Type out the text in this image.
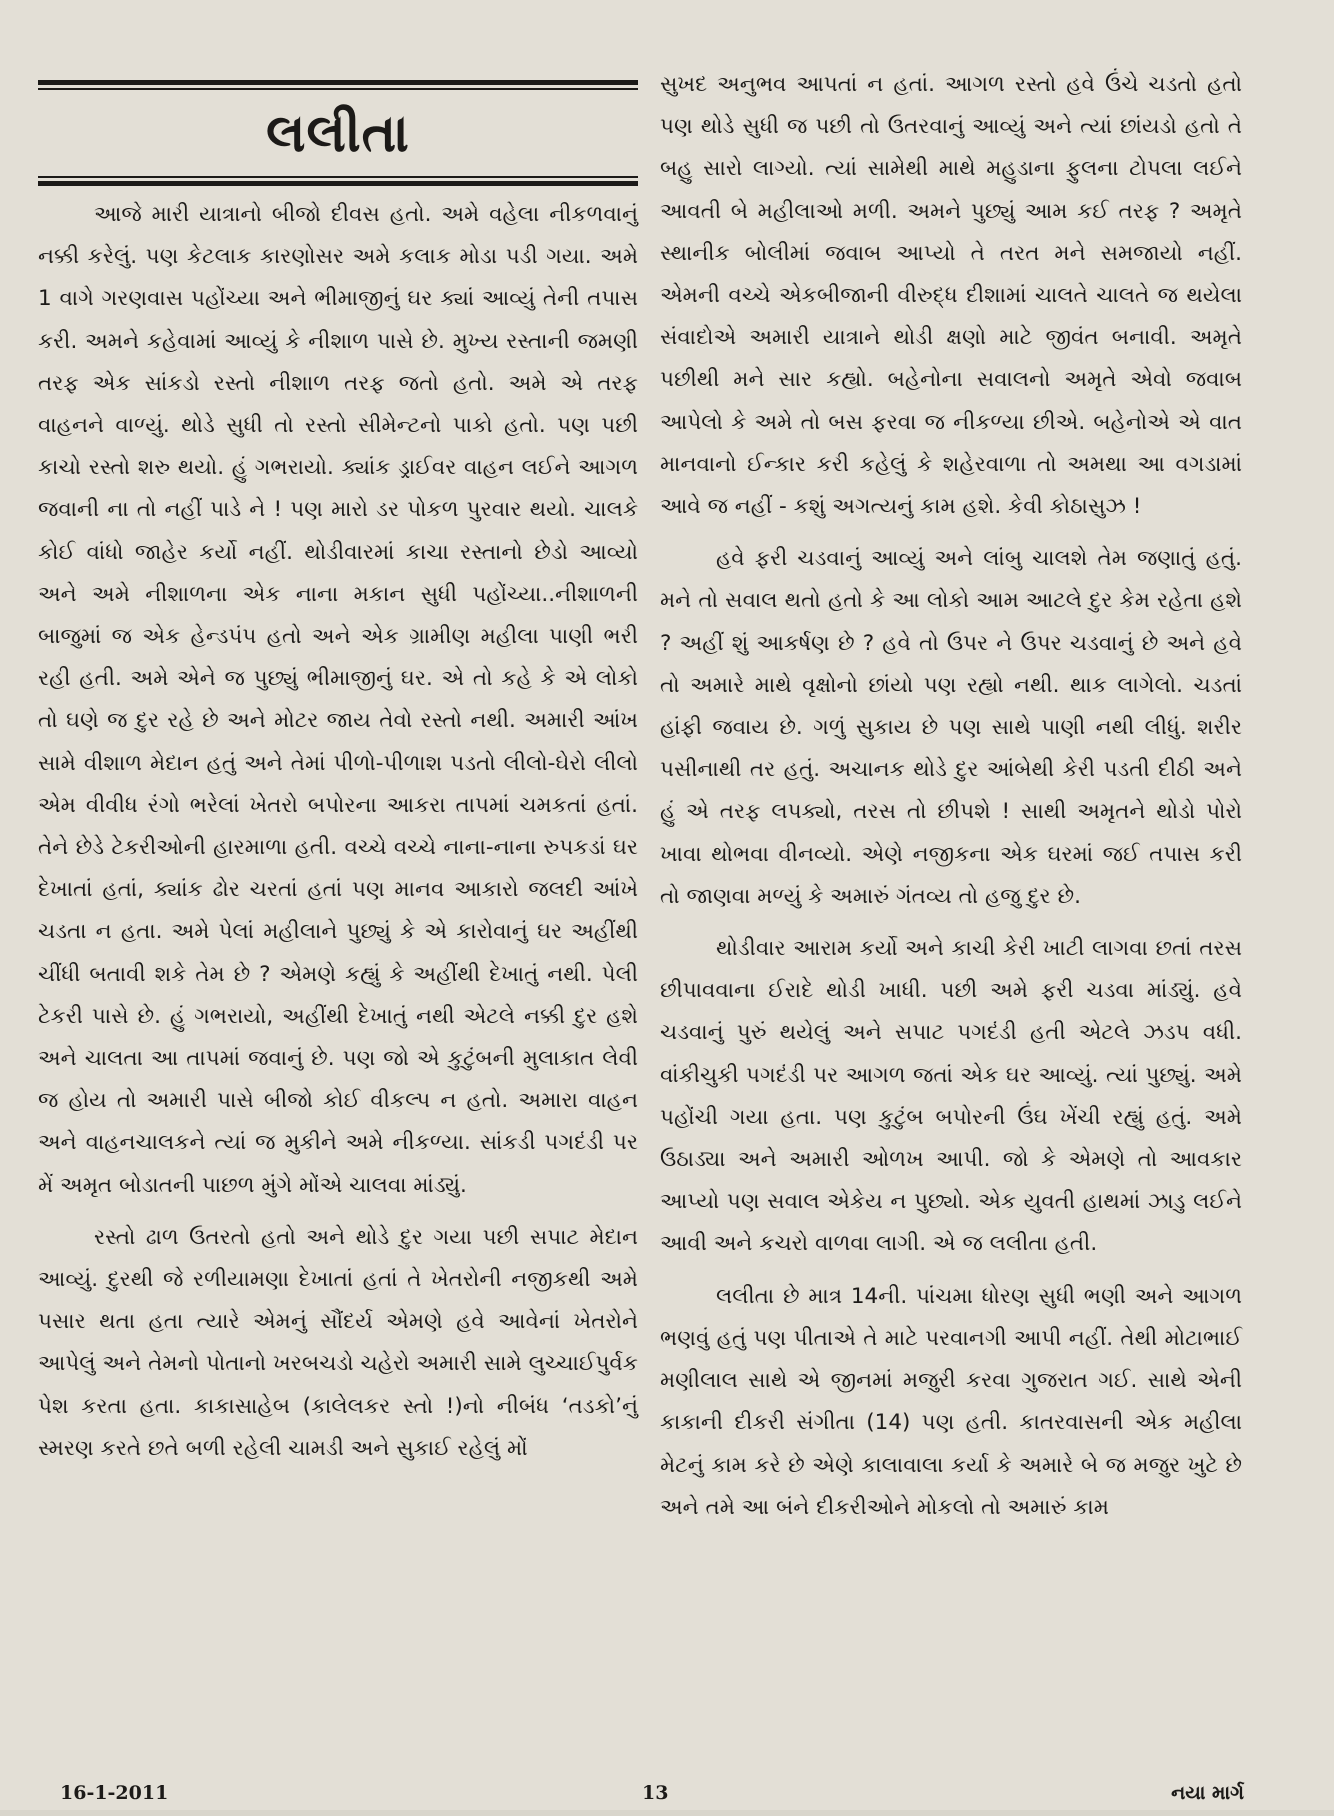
લલીતા

આજે મારી યાત્રાનો બીજો દીવસ હતો. અમે વહેલા નીકળવાનું નક્કી કરેલું. પણ કેટલાક કારણોસર અમે કલાક મોડા પડી ગયા. અમે 1 વાગે ગરણવાસ પહોંચ્યા અને ભીમાજીનું ઘર ક્યાં આવ્યું તેની તપાસ કરી. અમને કહેવામાં આવ્યું કે નીશાળ પાસે છે. મુખ્ય રસ્તાની જમણી તરફ એક સાંકડો રસ્તો નીશાળ તરફ જતો હતો. અમે એ તરફ વાહનને વાળ્યું. થોડે સુધી તો રસ્તો સીમેન્ટનો પાકો હતો. પણ પછી કાચો રસ્તો શરુ થયો. હું ગભરાયો. ક્યાંક ડ્રાઈવર વાહન લઈને આગળ જવાની ના તો નહીં પાડે ને ! પણ મારો ડર પોકળ પુરવાર થયો. ચાલકે કોઈ વાંધો જાહેર કર્યો નહીં. થોડીવારમાં કાચા રસ્તાનો છેડો આવ્યો અને અમે નીશાળના એક નાના મકાન સુધી પહોંચ્યા..નીશાળની બાજુમાં જ એક હેન્ડપંપ હતો અને એક ગ્રામીણ મહીલા પાણી ભરી રહી હતી. અમે એને જ પુછ્યું ભીમાજીનું ઘર. એ તો કહે કે એ લોકો તો ઘણે જ દુર રહે છે અને મોટર જાય તેવો રસ્તો નથી. અમારી આંખ સામે વીશાળ મેદાન હતું અને તેમાં પીળો-પીળાશ પડતો લીલો-ઘેરો લીલો એમ વીવીધ રંગો ભરેલાં ખેતરો બપોરના આકરા તાપમાં ચમકતાં હતાં. તેને છેડે ટેકરીઓની હારમાળા હતી. વચ્ચે વચ્ચે નાના-નાના રુપકડાં ઘર દેખાતાં હતાં, ક્યાંક ઢોર ચરતાં હતાં પણ માનવ આકારો જલદી આંખે ચડતા ન હતા. અમે પેલાં મહીલાને પુછ્યું કે એ કારોવાનું ઘર અહીંથી ચીંધી બતાવી શકે તેમ છે ? એમણે કહ્યું કે અહીંથી દેખાતું નથી. પેલી ટેકરી પાસે છે. હું ગભરાયો, અહીંથી દેખાતું નથી એટલે નક્કી દુર હશે અને ચાલતા આ તાપમાં જવાનું છે. પણ જો એ કુટુંબની મુલાકાત લેવી જ હોય તો અમારી પાસે બીજો કોઈ વીકલ્પ ન હતો. અમારા વાહન અને વાહનચાલકને ત્યાં જ મુકીને અમે નીકળ્યા. સાંકડી પગદંડી પર મેં અમૃત બોડાતની પાછળ મુંગે મોંએ ચાલવા માંડ્યું.

રસ્તો ઢાળ ઉતરતો હતો અને થોડે દુર ગયા પછી સપાટ મેદાન આવ્યું. દુરથી જે રળીયામણા દેખાતાં હતાં તે ખેતરોની નજીકથી અમે પસાર થતા હતા ત્યારે એમનું સૌંદર્ય એમણે હવે આવેનાં ખેતરોને આપેલું અને તેમનો પોતાનો ખરબચડો ચહેરો અમારી સામે લુચ્ચાઈપુર્વક પેશ કરતા હતા. કાકાસાહેબ (કાલેલકર સ્તો !)નો નીબંધ ‘તડકો’નું સ્મરણ કરતે છતે બળી રહેલી ચામડી અને સુકાઈ રહેલું મોં

સુખદ અનુભવ આપતાં ન હતાં. આગળ રસ્તો હવે ઉંચે ચડતો હતો પણ થોડે સુધી જ પછી તો ઉતરવાનું આવ્યું અને ત્યાં છાંયડો હતો તે બહુ સારો લાગ્યો. ત્યાં સામેથી માથે મહુડાના ફુલના ટોપલા લઈને આવતી બે મહીલાઓ મળી. અમને પુછ્યું આમ કઈ તરફ ? અમૃતે સ્થાનીક બોલીમાં જવાબ આપ્યો તે તરત મને સમજાયો નહીં. એમની વચ્ચે એકબીજાની વીરુદ્ધ દીશામાં ચાલતે ચાલતે જ થયેલા સંવાદોએ અમારી યાત્રાને થોડી ક્ષણો માટે જીવંત બનાવી. અમૃતે પછીથી મને સાર કહ્યો. બહેનોના સવાલનો અમૃતે એવો જવાબ આપેલો કે અમે તો બસ ફરવા જ નીકળ્યા છીએ. બહેનોએ એ વાત માનવાનો ઈન્કાર કરી કહેલું કે શહેરવાળા તો અમથા આ વગડામાં આવે જ નહીં - કશું અગત્યનું કામ હશે. કેવી કોઠાસુઝ !

હવે ફરી ચડવાનું આવ્યું અને લાંબુ ચાલશે તેમ જણાતું હતું. મને તો સવાલ થતો હતો કે આ લોકો આમ આટલે દુર કેમ રહેતા હશે ? અહીં શું આકર્ષણ છે ? હવે તો ઉપર ને ઉપર ચડવાનું છે અને હવે તો અમારે માથે વૃક્ષોનો છાંયો પણ રહ્યો નથી. થાક લાગેલો. ચડતાં હાંફી જવાય છે. ગળું સુકાય છે પણ સાથે પાણી નથી લીધું. શરીર પસીનાથી તર હતું. અચાનક થોડે દુર આંબેથી કેરી પડતી દીઠી અને હું એ તરફ લપક્યો, તરસ તો છીપશે ! સાથી અમૃતને થોડો પોરો ખાવા થોભવા વીનવ્યો. એણે નજીકના એક ઘરમાં જઈ તપાસ કરી તો જાણવા મળ્યું કે અમારું ગંતવ્ય તો હજુ દુર છે.

થોડીવાર આરામ કર્યો અને કાચી કેરી ખાટી લાગવા છતાં તરસ છીપાવવાના ઈરાદે થોડી ખાધી. પછી અમે ફરી ચડવા માંડ્યું. હવે ચડવાનું પુરું થયેલું અને સપાટ પગદંડી હતી એટલે ઝડપ વધી. વાંકીચુકી પગદંડી પર આગળ જતાં એક ઘર આવ્યું. ત્યાં પુછ્યું. અમે પહોંચી ગયા હતા. પણ કુટુંબ બપોરની ઉંઘ ખેંચી રહ્યું હતું. અમે ઉઠાડ્યા અને અમારી ઓળખ આપી. જો કે એમણે તો આવકાર આપ્યો પણ સવાલ એકેય ન પુછ્યો. એક યુવતી હાથમાં ઝાડુ લઈને આવી અને કચરો વાળવા લાગી. એ જ લલીતા હતી.

લલીતા છે માત્ર 14ની. પાંચમા ધોરણ સુધી ભણી અને આગળ ભણવું હતું પણ પીતાએ તે માટે પરવાનગી આપી નહીં. તેથી મોટાભાઈ મણીલાલ સાથે એ જીનમાં મજુરી કરવા ગુજરાત ગઈ. સાથે એની કાકાની દીકરી સંગીતા (14) પણ હતી. કાતરવાસની એક મહીલા મેટનું કામ કરે છે એણે કાલાવાલા કર્યા કે અમારે બે જ મજુર ખુટે છે અને તમે આ બંને દીકરીઓને મોકલો તો અમારું કામ

16-1-2011	13	નયા માર્ગ
